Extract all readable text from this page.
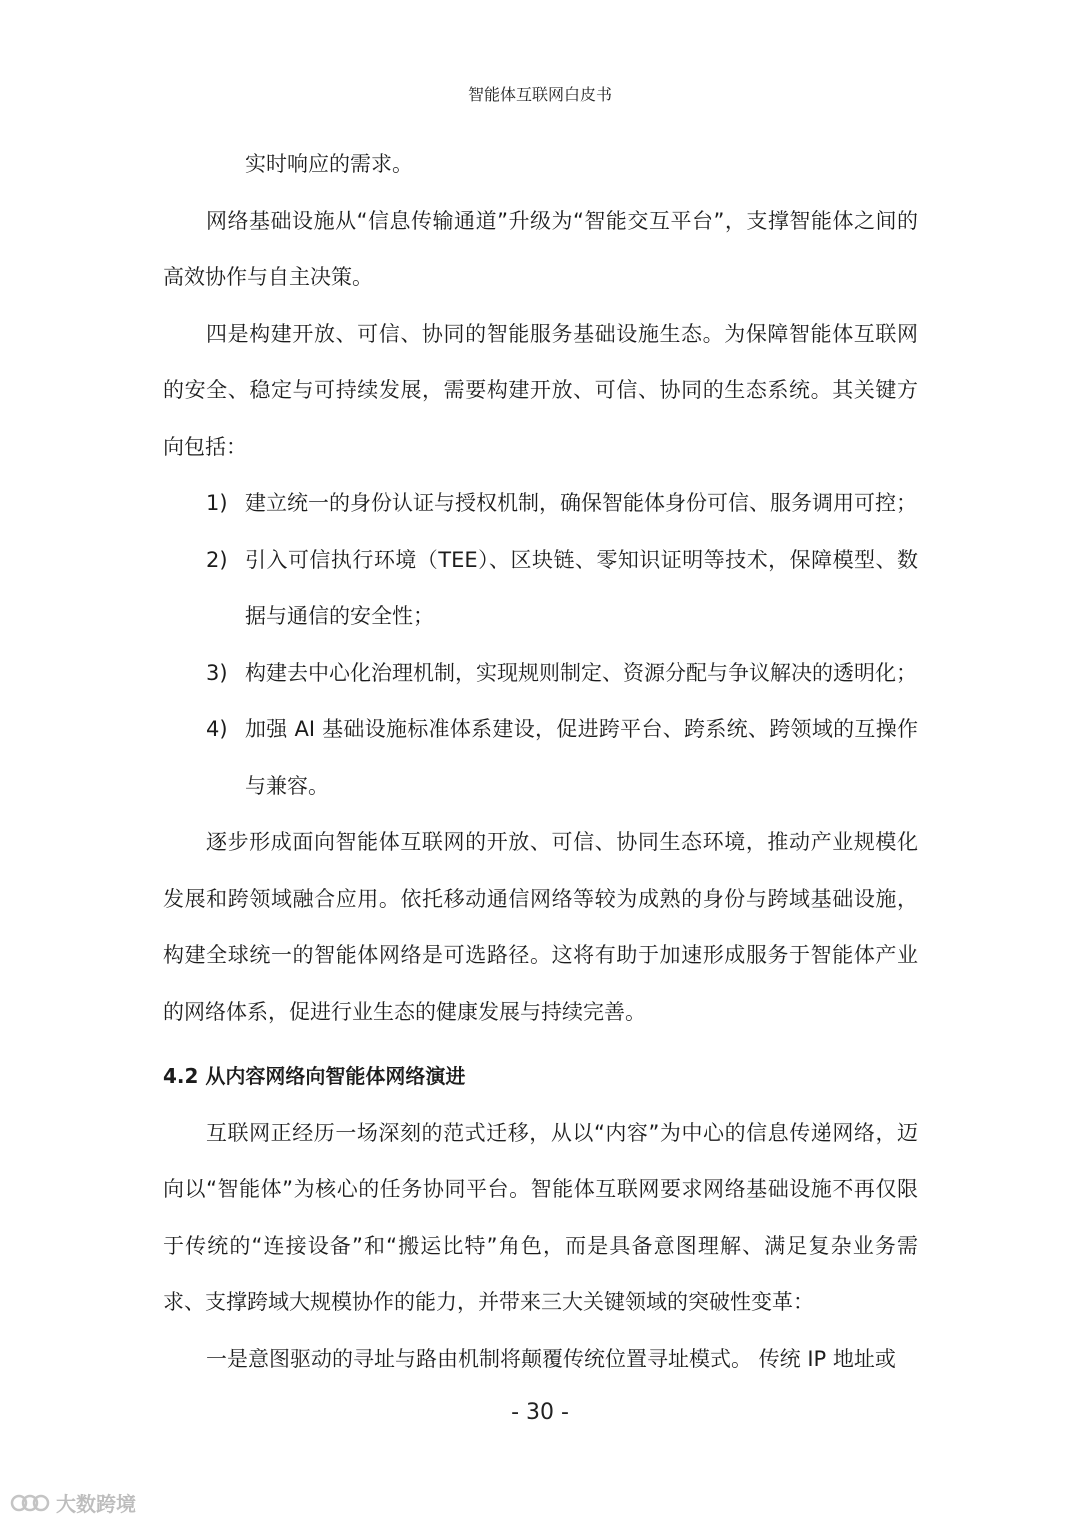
智能体互联网白皮书

实时响应的需求。

网络基础设施从“信息传输通道”升级为“智能交互平台”，支撑智能体之间的高效协作与自主决策。

四是构建开放、可信、协同的智能服务基础设施生态。为保障智能体互联网的安全、稳定与可持续发展，需要构建开放、可信、协同的生态系统。其关键方向包括：

1) 建立统一的身份认证与授权机制，确保智能体身份可信、服务调用可控；
2) 引入可信执行环境（TEE）、区块链、零知识证明等技术，保障模型、数据与通信的安全性；
3) 构建去中心化治理机制，实现规则制定、资源分配与争议解决的透明化；
4) 加强 AI 基础设施标准体系建设，促进跨平台、跨系统、跨领域的互操作与兼容。

逐步形成面向智能体互联网的开放、可信、协同生态环境，推动产业规模化发展和跨领域融合应用。依托移动通信网络等较为成熟的身份与跨域基础设施，构建全球统一的智能体网络是可选路径。这将有助于加速形成服务于智能体产业的网络体系，促进行业生态的健康发展与持续完善。

4.2 从内容网络向智能体网络演进

互联网正经历一场深刻的范式迁移，从以“内容”为中心的信息传递网络，迈向以“智能体”为核心的任务协同平台。智能体互联网要求网络基础设施不再仅限于传统的“连接设备”和“搬运比特”角色，而是具备意图理解、满足复杂业务需求、支撑跨域大规模协作的能力，并带来三大关键领域的突破性变革：

一是意图驱动的寻址与路由机制将颠覆传统位置寻址模式。 传统 IP 地址或

- 30 -
大数跨境
